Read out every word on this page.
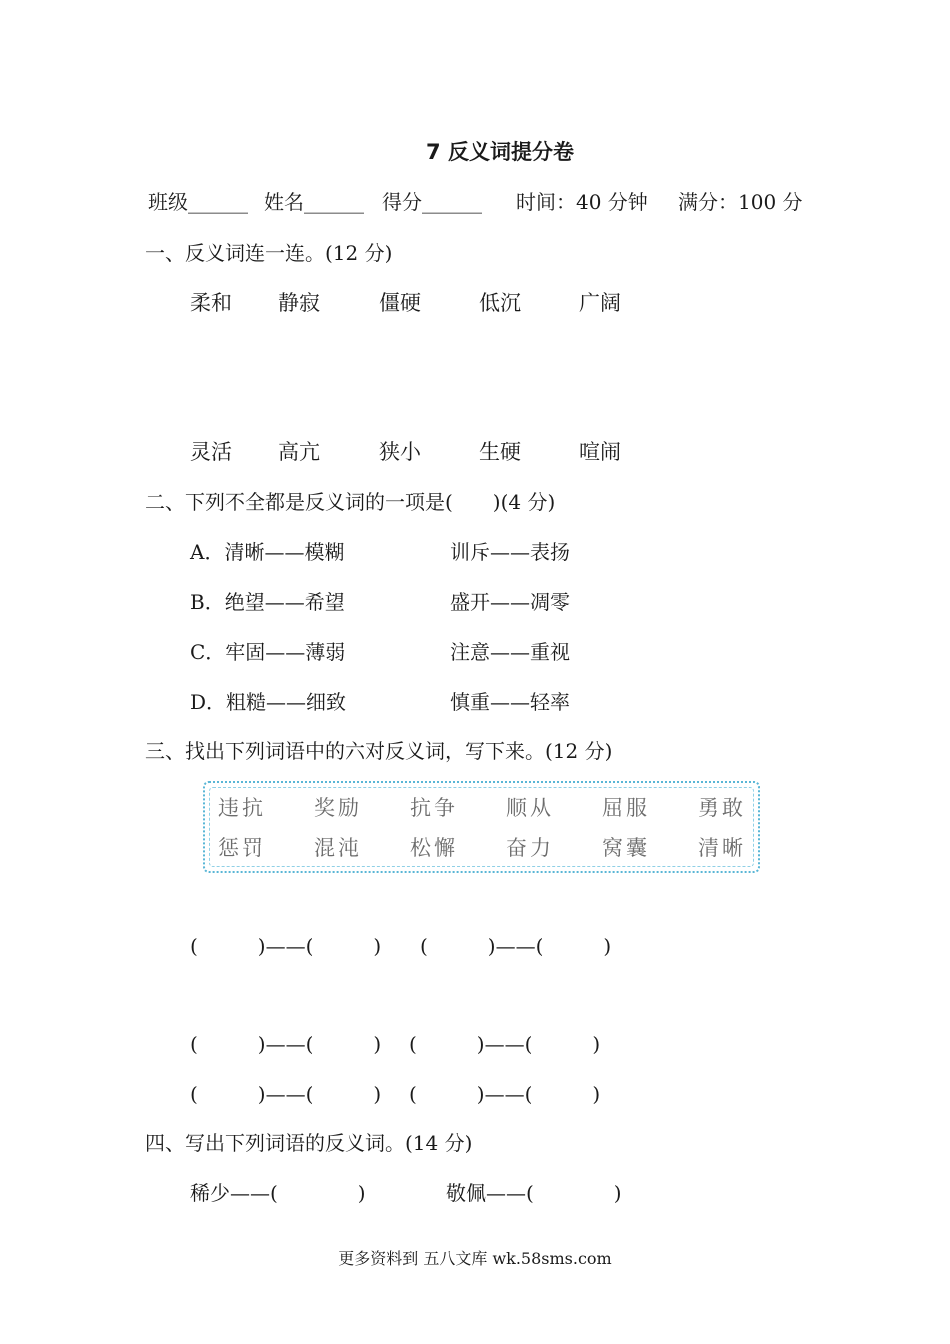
7 反义词提分卷
班级______ 姓名______ 得分______ 时间：40 分钟 满分：100 分
一、反义词连一连。(12 分)
柔和 静寂	僵硬	低沉	广阔
灵活 高亢	狭小	生硬	喧闹
二、下列不全都是反义词的一项是(　　)(4 分)
A．清晰——模糊	训斥——表扬
B．绝望——希望	盛开——凋零
C．牢固——薄弱	注意——重视
D．粗糙——细致	慎重——轻率
三、找出下列词语中的六对反义词，写下来。(12 分)
违抗 奖励 抗争 顺从 屈服 勇敢
惩罚 混沌 松懈 奋力 窝囊 清晰
(　　　)——(　　　) (　　　)——(　　　)
(　　　)——(　　　) (　　　)——(　　　)
(　　　)——(　　　) (　　　)——(　　　)
四、写出下列词语的反义词。(14 分)
稀少——(　　　　)	敬佩——(　　　　)
更多资料到 五八文库 wk.58sms.com
